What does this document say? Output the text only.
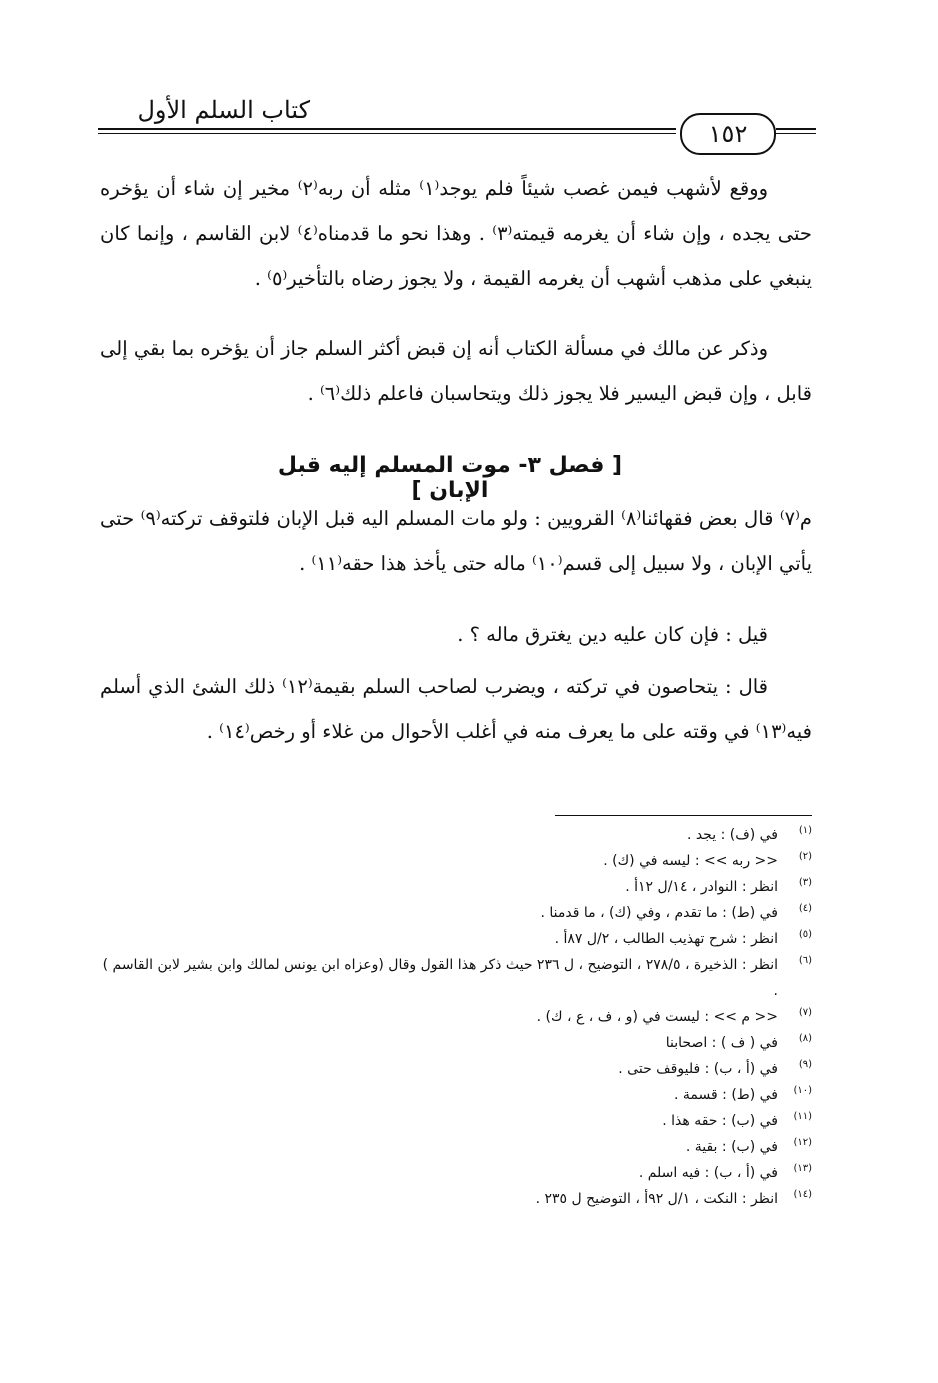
كتاب السلم الأول
١٥٢
ووقع لأشهب فيمن غصب شيئاً فلم يوجد⁽١⁾ مثله أن ربه⁽٢⁾ مخير إن شاء أن يؤخره حتى يجده ، وإن شاء أن يغرمه قيمته⁽٣⁾ . وهذا نحو ما قدمناه⁽٤⁾ لابن القاسم ، وإنما كان ينبغي على مذهب أشهب أن يغرمه القيمة ، ولا يجوز رضاه بالتأخير⁽٥⁾ .
وذكر عن مالك في مسألة الكتاب أنه إن قبض أكثر السلم جاز أن يؤخره بما بقي إلى قابل ، وإن قبض اليسير فلا يجوز ذلك ويتحاسبان فاعلم ذلك⁽٦⁾ .
[ فصل ٣- موت المسلم إليه قبل الإبان ]
م⁽٧⁾ قال بعض فقهائنا⁽٨⁾ القرويين : ولو مات المسلم اليه قبل الإبان فلتوقف تركته⁽٩⁾ حتى يأتي الإبان ، ولا سبيل إلى قسم⁽١٠⁾ ماله حتى يأخذ هذا حقه⁽١١⁾ .
قيل : فإن كان عليه دين يغترق ماله ؟ .
قال : يتحاصون في تركته ، ويضرب لصاحب السلم بقيمة⁽١٢⁾ ذلك الشئ الذي أسلم فيه⁽١٣⁾ في وقته على ما يعرف منه في أغلب الأحوال من غلاء أو رخص⁽١٤⁾ .
(١)
في (ف) : يجد .
(٢)
<< ربه >> : ليسه في (ك) .
(٣)
انظر : النوادر ، ١٤/ل ١٢أ .
(٤)
في (ط) : ما تقدم ، وفي (ك) ، ما قدمنا .
(٥)
انظر : شرح تهذيب الطالب ، ٢/ل ٨٧أ .
(٦)
انظر : الذخيرة ، ٢٧٨/٥ ، التوضيح ، ل ٢٣٦ حيث ذكر هذا القول وقال (وعزاه ابن يونس لمالك وابن بشير لابن القاسم ) .
(٧)
<< م >> : ليست في (و ، ف ، ع ، ك) .
(٨)
في ( ف ) : اصحابنا
(٩)
في (أ ، ب) : فليوقف حتى .
(١٠)
في (ط) : قسمة .
(١١)
في (ب) : حقه هذا .
(١٢)
في (ب) : بقية .
(١٣)
في (أ ، ب) : فيه اسلم .
(١٤)
انظر : النكت ، ١/ل ٩٢أ ، التوضيح ل ٢٣٥ .
